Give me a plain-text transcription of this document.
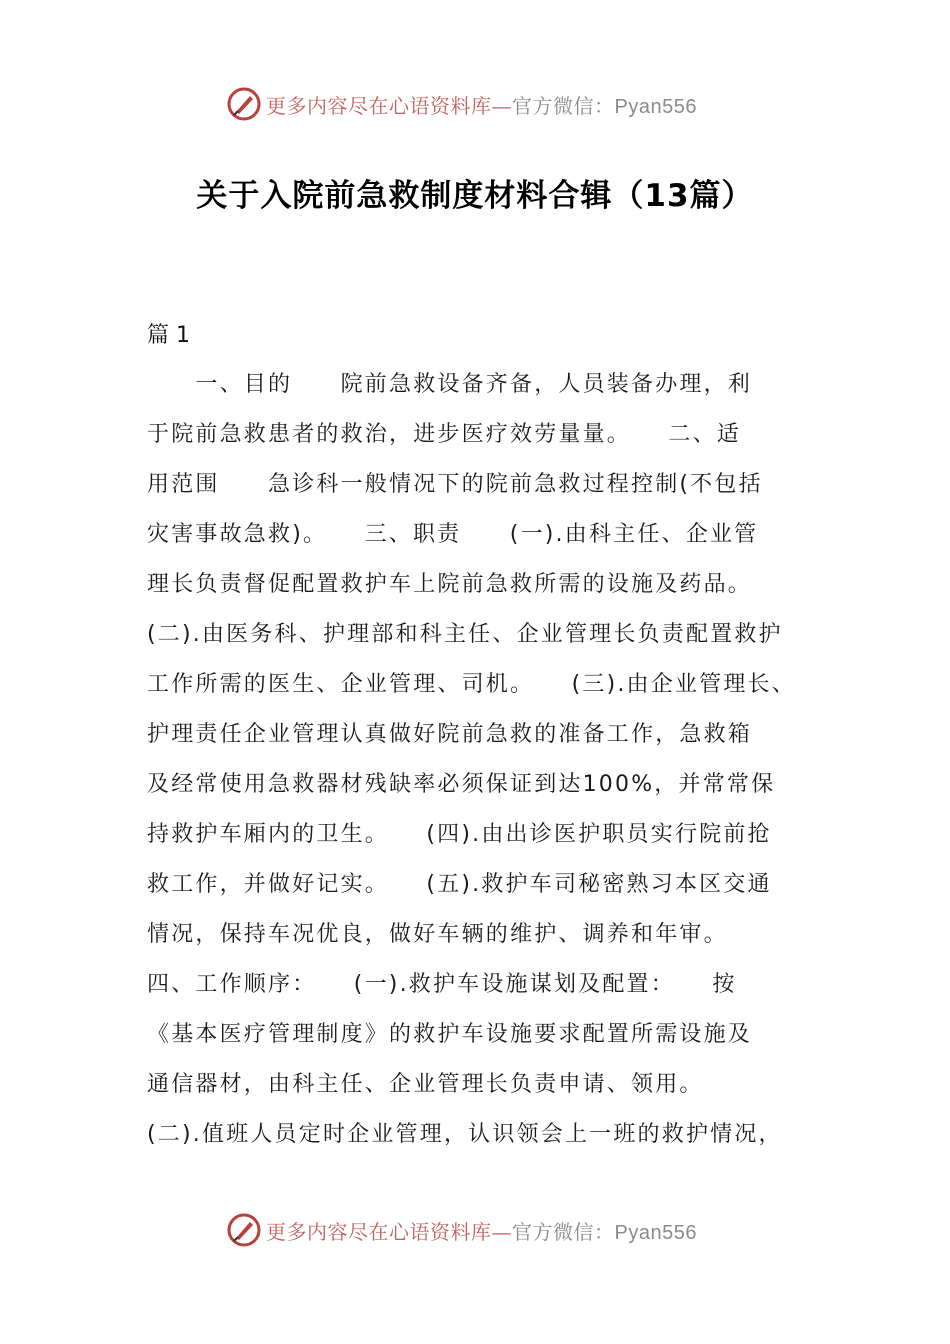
更多内容尽在心语资料库—官方微信：Pyan556
关于入院前急救制度材料合辑（13篇）
篇 1
　　一、目的　　院前急救设备齐备，人员装备办理，利
于院前急救患者的救治，进步医疗效劳量量。　　二、适
用范围　　急诊科一般情况下的院前急救过程控制(不包括
灾害事故急救)。　　三、职责　　(一).由科主任、企业管
理长负责督促配置救护车上院前急救所需的设施及药品。
(二).由医务科、护理部和科主任、企业管理长负责配置救护
工作所需的医生、企业管理、司机。　　(三).由企业管理长、
护理责任企业管理认真做好院前急救的准备工作，急救箱
及经常使用急救器材残缺率必须保证到达100%，并常常保
持救护车厢内的卫生。　　(四).由出诊医护职员实行院前抢
救工作，并做好记实。　　(五).救护车司秘密熟习本区交通
情况，保持车况优良，做好车辆的维护、调养和年审。
四、工作顺序：　　(一).救护车设施谋划及配置：　　按
《基本医疗管理制度》的救护车设施要求配置所需设施及
通信器材，由科主任、企业管理长负责申请、领用。
(二).值班人员定时企业管理，认识领会上一班的救护情况，
更多内容尽在心语资料库—官方微信：Pyan556
